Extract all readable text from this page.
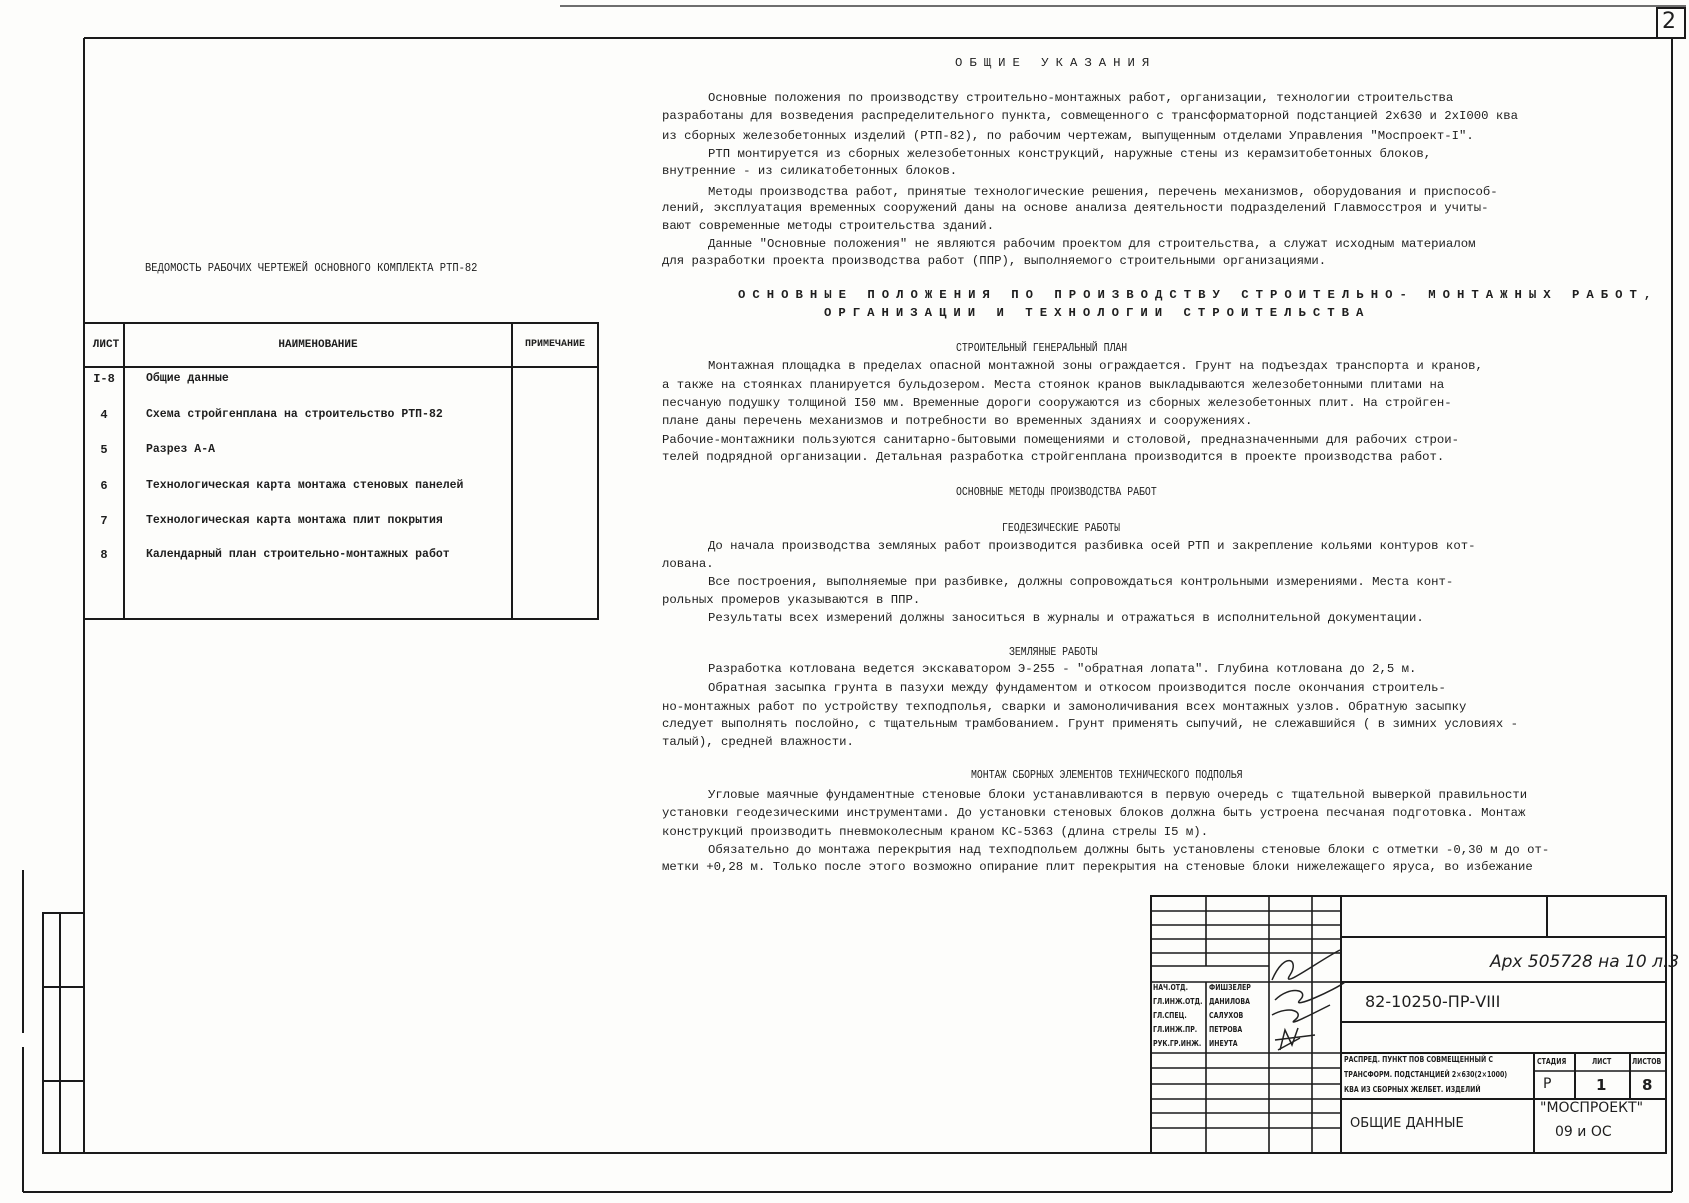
2
ВЕДОМОСТЬ РАБОЧИХ ЧЕРТЕЖЕЙ ОСНОВНОГО КОМПЛЕКТА РТП-82
ЛИСТ	НАИМЕНОВАНИЕ	ПРИМЕЧАНИЕ
I-8	Общие данные
4	Схема стройгенплана на строительство РТП-82
5	Разрез А-А
6	Технологическая карта монтажа стеновых панелей
7	Технологическая карта монтажа плит покрытия
8	Календарный план строительно-монтажных работ
ОБЩИЕ УКАЗАНИЯ
Основные положения по производству строительно-монтажных работ, организации, технологии строительства
разработаны для возведения распределительного пункта, совмещенного с трансформаторной подстанцией 2х630 и 2хI000 ква
из сборных железобетонных изделий (РТП-82), по рабочим чертежам, выпущенным отделами Управления "Моспроект-I".
РТП монтируется из сборных железобетонных конструкций, наружные стены из керамзитобетонных блоков,
внутренние - из силикатобетонных блоков.
Методы производства работ, принятые технологические решения, перечень механизмов, оборудования и приспособ-
лений, эксплуатация временных сооружений даны на основе анализа деятельности подразделений Главмосстроя и учиты-
вают современные методы строительства зданий.
Данные "Основные положения" не являются рабочим проектом для строительства, а служат исходным материалом
для разработки проекта производства работ (ППР), выполняемого строительными организациями.
СТРОИТЕЛЬНЫЙ ГЕНЕРАЛЬНЫЙ ПЛАН
Монтажная площадка в пределах опасной монтажной зоны ограждается. Грунт на подъездах транспорта и кранов,
а также на стоянках планируется бульдозером. Места стоянок кранов выкладываются железобетонными плитами на
песчаную подушку толщиной I50 мм. Временные дороги сооружаются из сборных железобетонных плит. На стройген-
плане даны перечень механизмов и потребности во временных зданиях и сооружениях.
Рабочие-монтажники пользуются санитарно-бытовыми помещениями и столовой, предназначенными для рабочих строи-
телей подрядной организации. Детальная разработка стройгенплана производится в проекте производства работ.
ГЕОДЕЗИЧЕСКИЕ РАБОТЫ
До начала производства земляных работ производится разбивка осей РТП и закрепление кольями контуров кот-
лована.
Все построения, выполняемые при разбивке, должны сопровождаться контрольными измерениями. Места конт-
рольных промеров указываются в ППР.
Результаты всех измерений должны заноситься в журналы и отражаться в исполнительной документации.
ЗЕМЛЯНЫЕ РАБОТЫ
Разработка котлована ведется экскаватором Э-255 - "обратная лопата". Глубина котлована до 2,5 м.
Обратная засыпка грунта в пазухи между фундаментом и откосом производится после окончания строитель-
но-монтажных работ по устройству техподполья, сварки и замоноличивания всех монтажных узлов. Обратную засыпку
следует выполнять послойно, с тщательным трамбованием. Грунт применять сыпучий, не слежавшийся ( в зимних условиях -
талый), средней влажности.
МОНТАЖ СБОРНЫХ ЭЛЕМЕНТОВ ТЕХНИЧЕСКОГО ПОДПОЛЬЯ
Угловые маячные фундаментные стеновые блоки устанавливаются в первую очередь с тщательной выверкой правильности
установки геодезическими инструментами. До установки стеновых блоков должна быть устроена песчаная подготовка. Монтаж
конструкций производить пневмоколесным краном КС-5363 (длина стрелы I5 м).
Обязательно до монтажа перекрытия над техподпольем должны быть установлены стеновые блоки с отметки -0,30 м до от-
метки +0,28 м. Только после этого возможно опирание плит перекрытия на стеновые блоки нижележащего яруса, во избежание
ОСНОВНЫЕ ПОЛОЖЕНИЯ ПО ПРОИЗВОДСТВУ СТРОИТЕЛЬНО- МОНТАЖНЫХ РАБОТ,
ОРГАНИЗАЦИИ И ТЕХНОЛОГИИ СТРОИТЕЛЬСТВА
ОСНОВНЫЕ МЕТОДЫ ПРОИЗВОДСТВА РАБОТ
НАЧ.ОТД.	ФИШЗЕЛЕР
ГЛ.ИНЖ.ОТД. ДАНИЛОВА
ГЛ.СПЕЦ.	САЛУХОВ
ГЛ.ИНЖ.ПР. ПЕТРОВА
РУК.ГР.ИНЖ. ИНЕУТА
Арх 505728 на 10 л.3
82-10250-ПР-VIII
РАСПРЕД. ПУНКТ ПОВ СОВМЕЩЕННЫЙ С
ТРАНСФОРМ. ПОДСТАНЦИЕЙ 2×630(2×1000)
КВА ИЗ СБОРНЫХ ЖЕЛБЕТ. ИЗДЕЛИЙ
СТАДИЯ	ЛИСТ	ЛИСТОВ
Р	1 8
ОБЩИЕ ДАННЫЕ
"МОСПРОЕКТ"
09 и ОС
